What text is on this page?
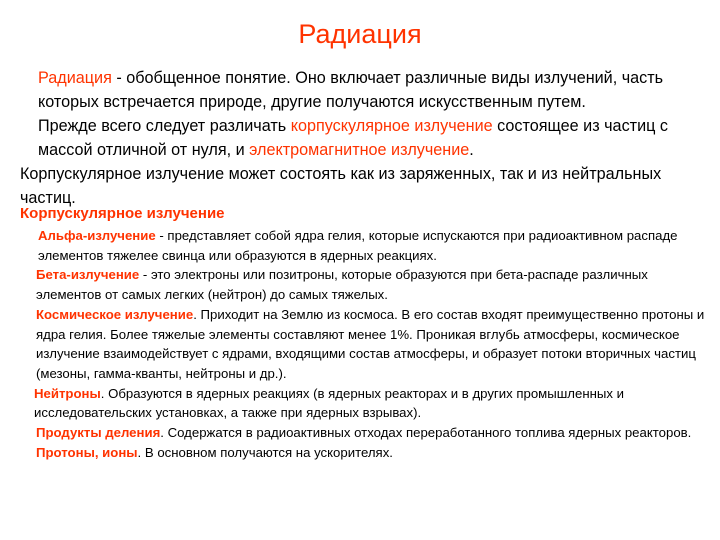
Радиация

Радиация - обобщенное понятие. Оно включает различные виды излучений, часть которых встречается природе, другие получаются искусственным путем.

Прежде всего следует различать корпускулярное излучение состоящее из частиц с массой отличной от нуля, и электромагнитное излучение.

Корпускулярное излучение может состоять как из заряженных, так и из нейтральных частиц.

Корпускулярное излучение

Альфа-излучение - представляет собой ядра гелия, которые испускаются при радиоактивном распаде элементов тяжелее свинца или образуются в ядерных реакциях.

Бета-излучение - это электроны или позитроны, которые образуются при бета-распаде различных элементов от самых легких (нейтрон) до самых тяжелых.

Космическое излучение. Приходит на Землю из космоса. В его состав входят преимущественно протоны и ядра гелия. Более тяжелые элементы составляют менее 1%. Проникая вглубь атмосферы, космическое излучение взаимодействует с ядрами, входящими состав атмосферы, и образует потоки вторичных частиц (мезоны, гамма-кванты, нейтроны и др.).

Нейтроны. Образуются в ядерных реакциях (в ядерных реакторах и в других промышленных и исследовательских установках, а также при ядерных взрывах).

Продукты деления. Содержатся в радиоактивных отходах переработанного топлива ядерных реакторов.

Протоны, ионы. В основном получаются на ускорителях.
